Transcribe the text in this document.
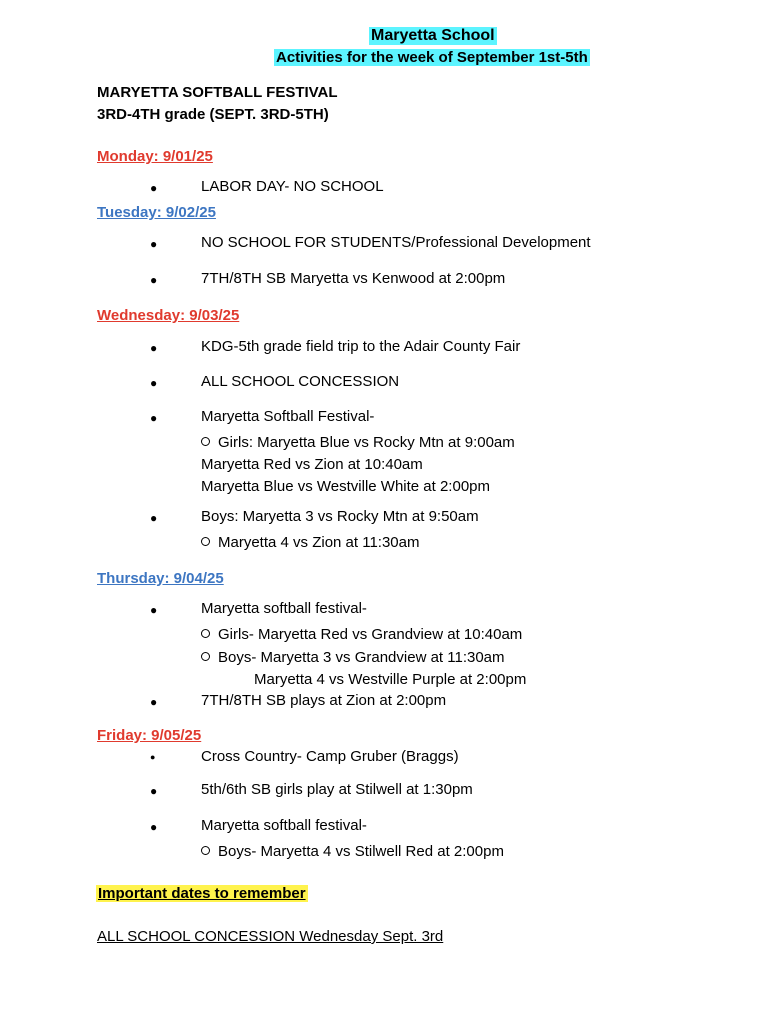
Maryetta School
Activities for the week of September 1st-5th
MARYETTA SOFTBALL FESTIVAL
3RD-4TH grade (SEPT. 3RD-5TH)
Monday: 9/01/25
●	LABOR DAY- NO SCHOOL
Tuesday: 9/02/25
●	NO SCHOOL FOR STUDENTS/Professional Development
●	7TH/8TH SB Maryetta vs Kenwood at 2:00pm
Wednesday: 9/03/25
●	KDG-5th grade field trip to the Adair County Fair
●	ALL SCHOOL CONCESSION
●	Maryetta Softball Festival-
Girls: Maryetta Blue vs Rocky Mtn at 9:00am
Maryetta Red vs Zion at 10:40am
Maryetta Blue vs Westville White at 2:00pm
●	Boys: Maryetta 3 vs Rocky Mtn at 9:50am
Maryetta 4 vs Zion at 11:30am
Thursday: 9/04/25
●	Maryetta softball festival-
Girls- Maryetta Red vs Grandview at 10:40am
Boys- Maryetta 3 vs Grandview at 11:30am
Maryetta 4 vs Westville Purple at 2:00pm
●	7TH/8TH SB plays at Zion at 2:00pm
Friday: 9/05/25
●	Cross Country- Camp Gruber (Braggs)
●	5th/6th SB girls play at Stilwell at 1:30pm
●	Maryetta softball festival-
Boys- Maryetta 4 vs Stilwell Red at 2:00pm
Important dates to remember
ALL SCHOOL CONCESSION Wednesday Sept. 3rd
